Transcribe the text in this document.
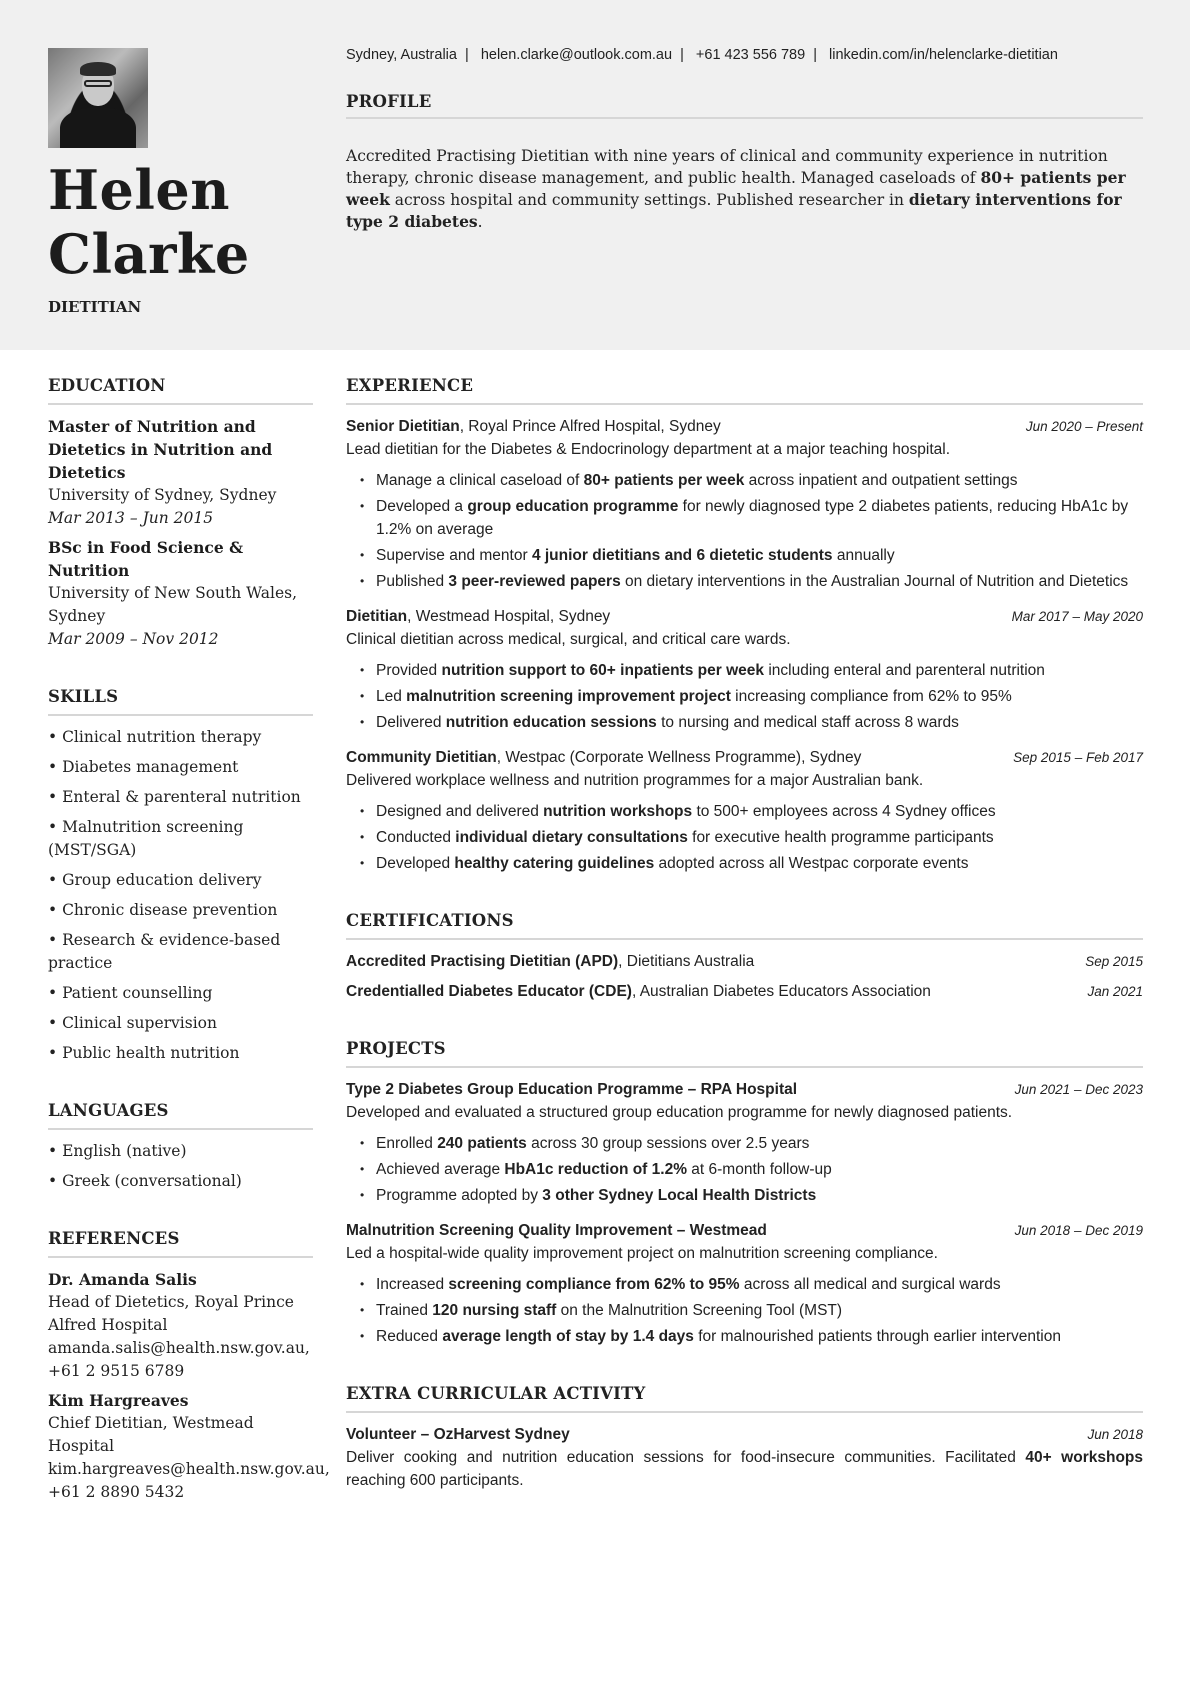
Helen
Clarke
DIETITIAN
Sydney, Australia | helen.clarke@outlook.com.au | +61 423 556 789 | linkedin.com/in/helenclarke-dietitian
PROFILE

Accredited Practising Dietitian with nine years of clinical and community experience in nutrition therapy, chronic disease management, and public health. Managed caseloads of 80+ patients per week across hospital and community settings. Published researcher in dietary interventions for type 2 diabetes.

EDUCATION
Master of Nutrition and Dietetics in Nutrition and Dietetics
University of Sydney, Sydney
Mar 2013 – Jun 2015
BSc in Food Science & Nutrition
University of New South Wales, Sydney
Mar 2009 – Nov 2012
SKILLS
• Clinical nutrition therapy
• Diabetes management
• Enteral & parenteral nutrition
• Malnutrition screening (MST/SGA)
• Group education delivery
• Chronic disease prevention
• Research & evidence-based practice
• Patient counselling
• Clinical supervision
• Public health nutrition
LANGUAGES
• English (native)
• Greek (conversational)
REFERENCES
Dr. Amanda Salis
Head of Dietetics, Royal Prince Alfred Hospital
amanda.salis@health.nsw.gov.au, +61 2 9515 6789
Kim Hargreaves
Chief Dietitian, Westmead Hospital
kim.hargreaves@health.nsw.gov.au, +61 2 8890 5432
EXPERIENCE
Senior Dietitian, Royal Prince Alfred Hospital, Sydney	Jun 2020 – Present
Lead dietitian for the Diabetes & Endocrinology department at a major teaching hospital.
• Manage a clinical caseload of 80+ patients per week across inpatient and outpatient settings
• Developed a group education programme for newly diagnosed type 2 diabetes patients, reducing HbA1c by 1.2% on average
• Supervise and mentor 4 junior dietitians and 6 dietetic students annually
• Published 3 peer-reviewed papers on dietary interventions in the Australian Journal of Nutrition and Dietetics
Dietitian, Westmead Hospital, Sydney	Mar 2017 – May 2020
Clinical dietitian across medical, surgical, and critical care wards.
• Provided nutrition support to 60+ inpatients per week including enteral and parenteral nutrition
• Led malnutrition screening improvement project increasing compliance from 62% to 95%
• Delivered nutrition education sessions to nursing and medical staff across 8 wards
Community Dietitian, Westpac (Corporate Wellness Programme), Sydney	Sep 2015 – Feb 2017
Delivered workplace wellness and nutrition programmes for a major Australian bank.
• Designed and delivered nutrition workshops to 500+ employees across 4 Sydney offices
• Conducted individual dietary consultations for executive health programme participants
• Developed healthy catering guidelines adopted across all Westpac corporate events
CERTIFICATIONS
Accredited Practising Dietitian (APD), Dietitians Australia	Sep 2015
Credentialled Diabetes Educator (CDE), Australian Diabetes Educators Association	Jan 2021
PROJECTS
Type 2 Diabetes Group Education Programme – RPA Hospital	Jun 2021 – Dec 2023
Developed and evaluated a structured group education programme for newly diagnosed patients.
• Enrolled 240 patients across 30 group sessions over 2.5 years
• Achieved average HbA1c reduction of 1.2% at 6-month follow-up
• Programme adopted by 3 other Sydney Local Health Districts
Malnutrition Screening Quality Improvement – Westmead	Jun 2018 – Dec 2019
Led a hospital-wide quality improvement project on malnutrition screening compliance.
• Increased screening compliance from 62% to 95% across all medical and surgical wards
• Trained 120 nursing staff on the Malnutrition Screening Tool (MST)
• Reduced average length of stay by 1.4 days for malnourished patients through earlier intervention
EXTRA CURRICULAR ACTIVITY
Volunteer – OzHarvest Sydney	Jun 2018
Deliver cooking and nutrition education sessions for food-insecure communities. Facilitated 40+ workshops reaching 600 participants.
